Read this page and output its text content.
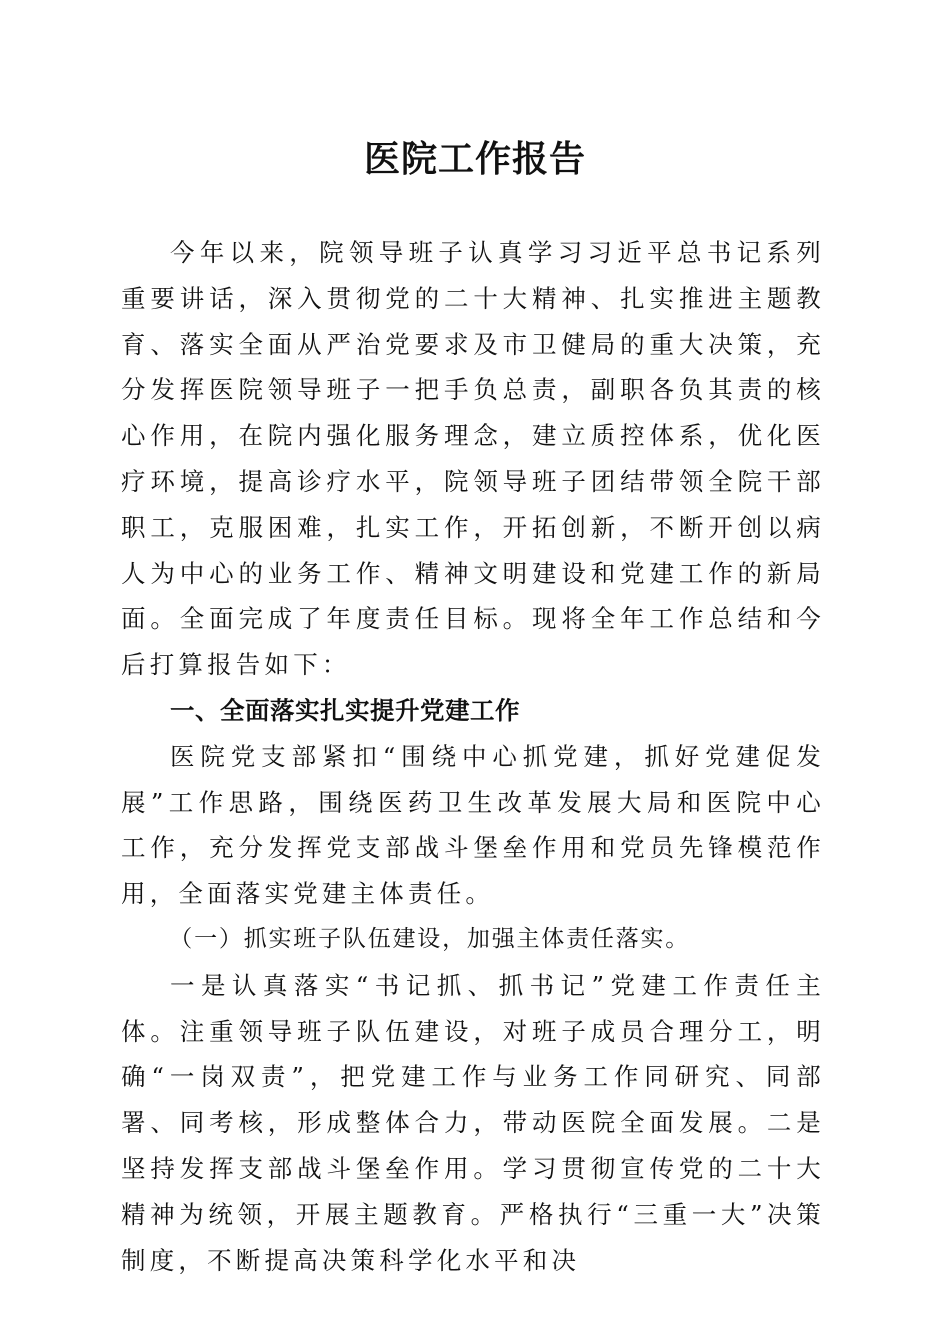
医院工作报告

今年以来，院领导班子认真学习习近平总书记系列重要讲话，深入贯彻党的二十大精神、扎实推进主题教育、落实全面从严治党要求及市卫健局的重大决策，充分发挥医院领导班子一把手负总责，副职各负其责的核心作用，在院内强化服务理念，建立质控体系，优化医疗环境，提高诊疗水平，院领导班子团结带领全院干部职工，克服困难，扎实工作，开拓创新，不断开创以病人为中心的业务工作、精神文明建设和党建工作的新局面。全面完成了年度责任目标。现将全年工作总结和今后打算报告如下：

一、全面落实扎实提升党建工作

医院党支部紧扣“围绕中心抓党建，抓好党建促发展”工作思路，围绕医药卫生改革发展大局和医院中心工作，充分发挥党支部战斗堡垒作用和党员先锋模范作用，全面落实党建主体责任。

（一）抓实班子队伍建设，加强主体责任落实。

一是认真落实“书记抓、抓书记”党建工作责任主体。注重领导班子队伍建设，对班子成员合理分工，明确“一岗双责”，把党建工作与业务工作同研究、同部署、同考核，形成整体合力，带动医院全面发展。二是坚持发挥支部战斗堡垒作用。学习贯彻宣传党的二十大精神为统领，开展主题教育。严格执行“三重一大”决策制度，不断提高决策科学化水平和决
